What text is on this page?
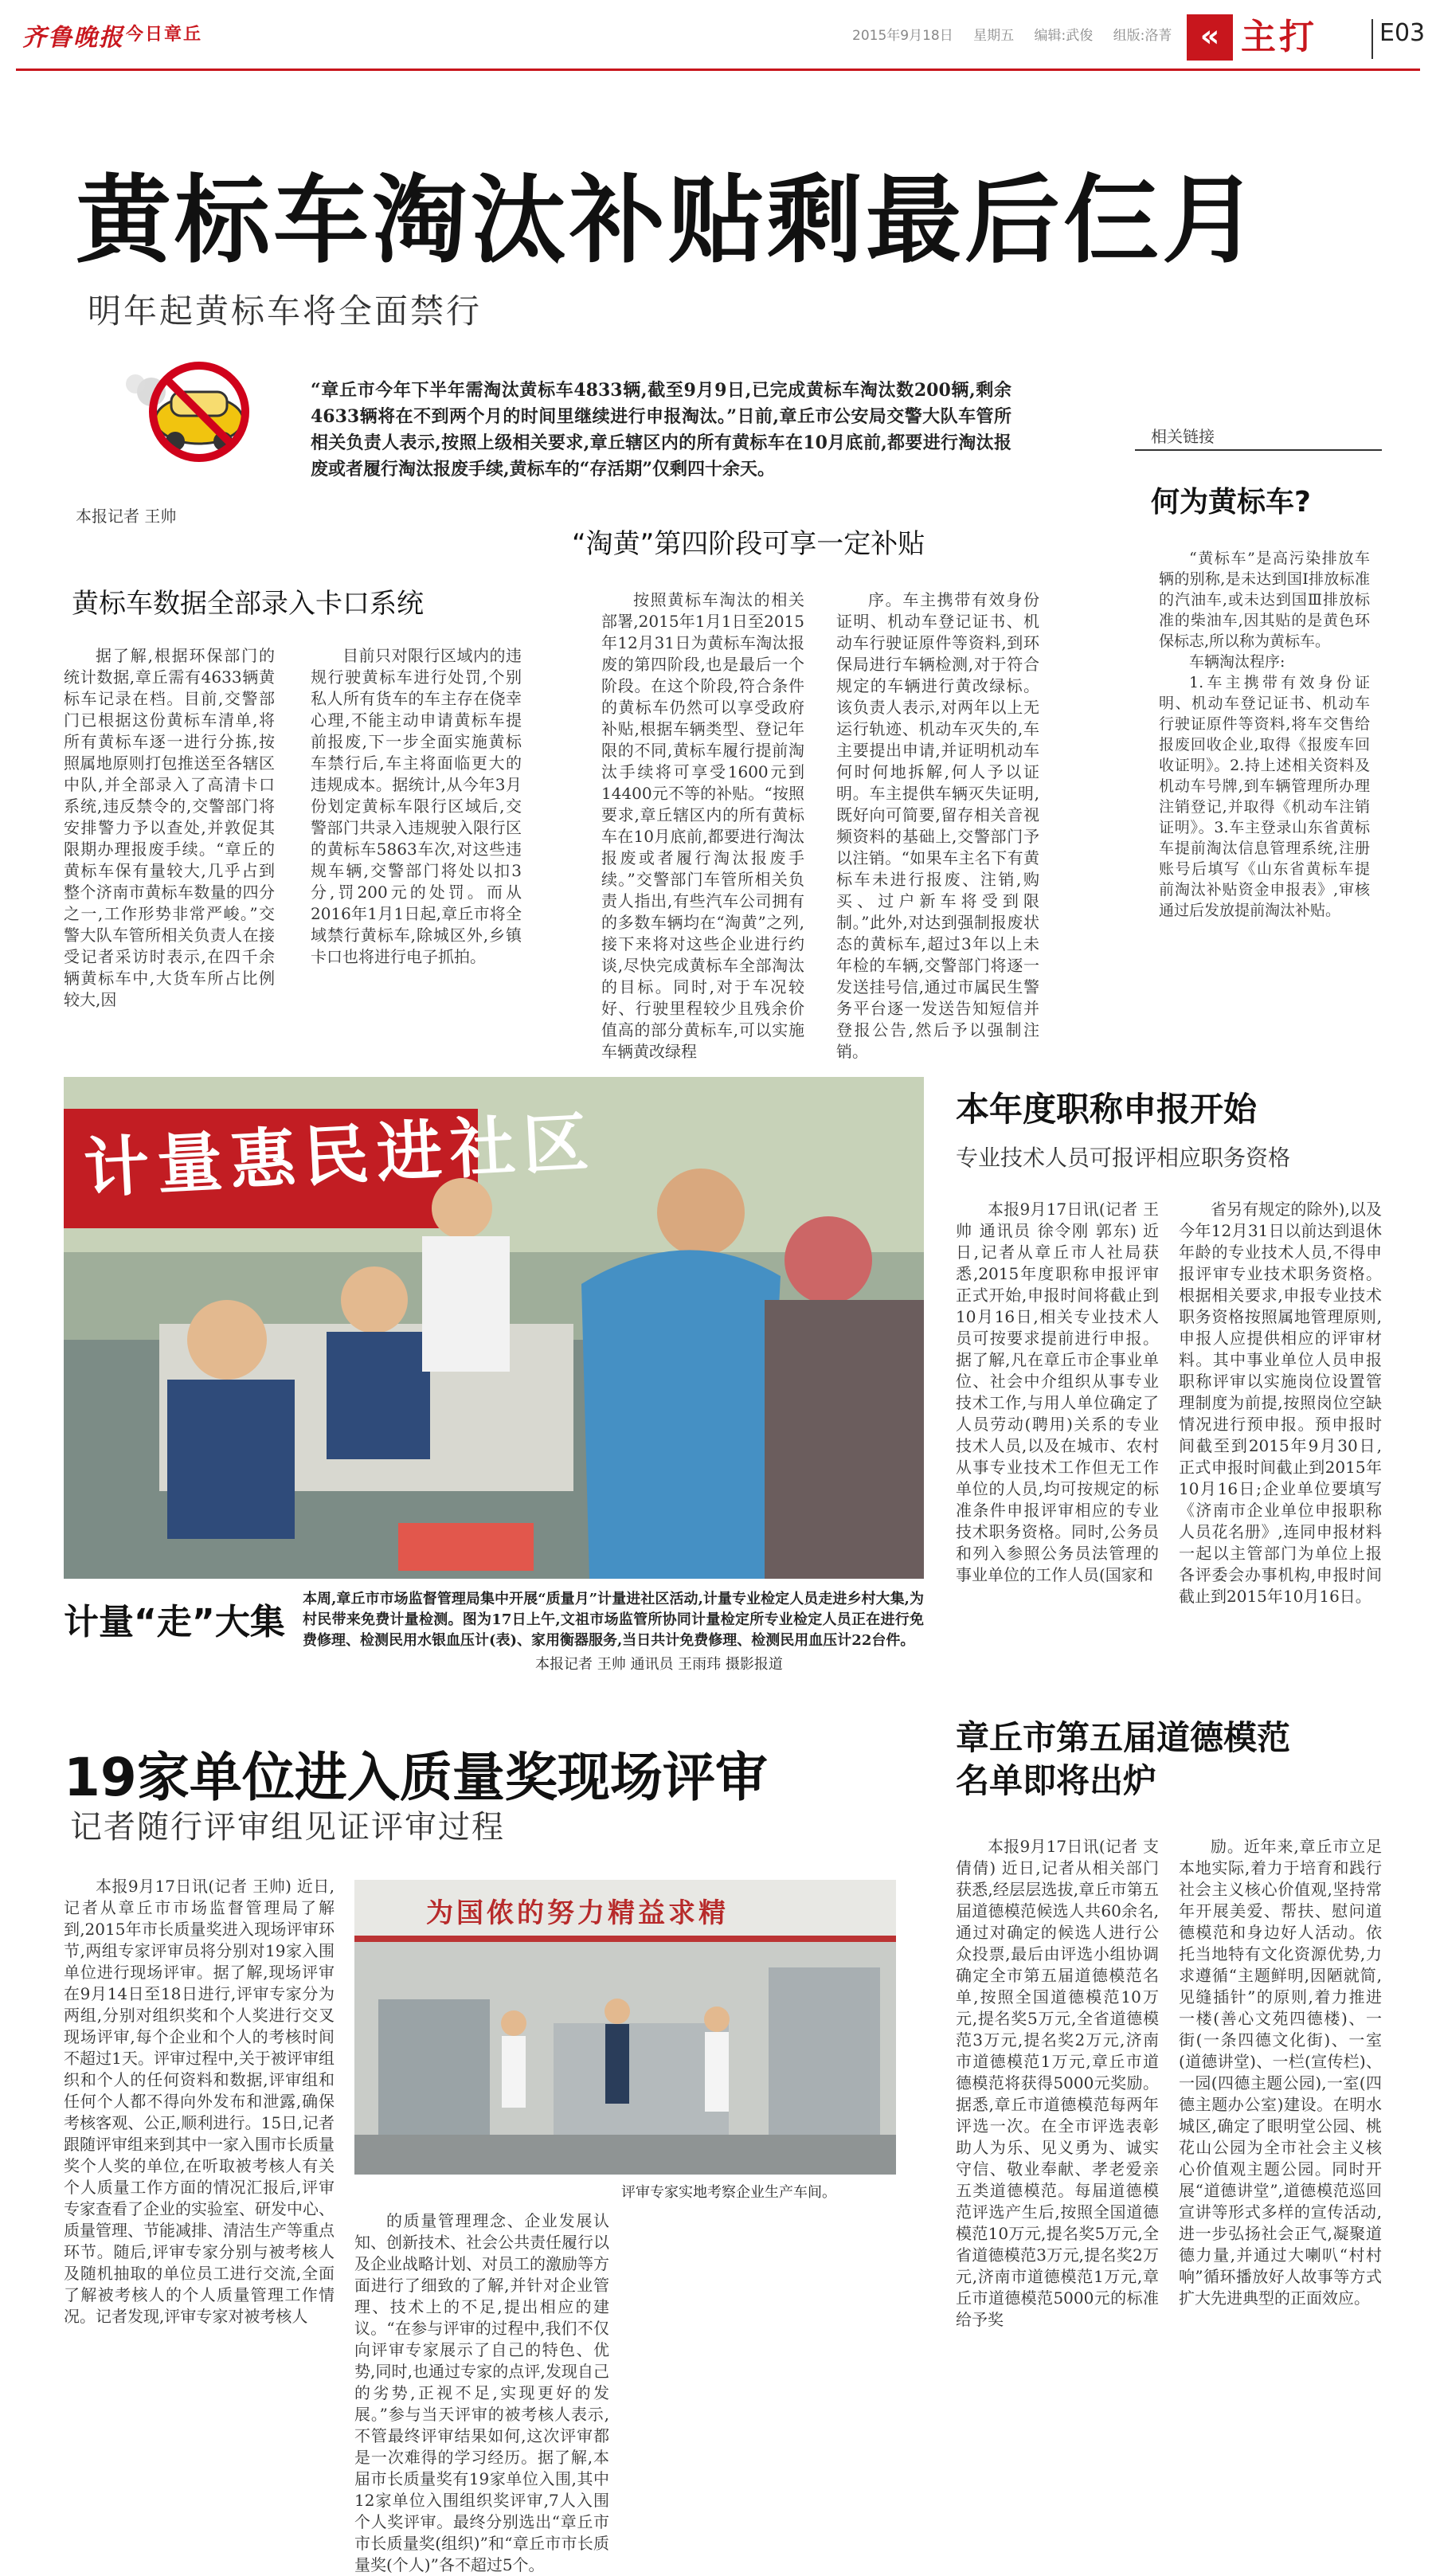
齐鲁晚报 今日章丘	2015年9月18日 星期五 编辑:武俊 组版:洛菁 « 主打	E03
黄标车淘汰补贴剩最后仨月
明年起黄标车将全面禁行
“章丘市今年下半年需淘汰黄标车4833辆,截至9月9日,已完成黄标车淘汰数200辆,剩余4633辆将在不到两个月的时间里继续进行申报淘汰。”日前,章丘市公安局交警大队车管所相关负责人表示,按照上级相关要求,章丘辖区内的所有黄标车在10月底前,都要进行淘汰报废或者履行淘汰报废手续,黄标车的“存活期”仅剩四十余天。
本报记者 王帅
黄标车数据全部录入卡口系统
“淘黄”第四阶段可享一定补贴

据了解,根据环保部门的统计数据,章丘需有4633辆黄标车记录在档。目前,交警部门已根据这份黄标车清单,将所有黄标车逐一进行分拣,按照属地原则打包推送至各辖区中队,并全部录入了高清卡口系统,违反禁令的,交警部门将安排警力予以查处,并敦促其限期办理报废手续。“章丘的黄标车保有量较大,几乎占到整个济南市黄标车数量的四分之一,工作形势非常严峻。”交警大队车管所相关负责人在接受记者采访时表示,在四千余辆黄标车中,大货车所占比例较大,因

目前只对限行区域内的违规行驶黄标车进行处罚,个别私人所有货车的车主存在侥幸心理,不能主动申请黄标车提前报废,下一步全面实施黄标车禁行后,车主将面临更大的违规成本。据统计,从今年3月份划定黄标车限行区域后,交警部门共录入违规驶入限行区的黄标车5863车次,对这些违规车辆,交警部门将处以扣3分,罚200元的处罚。而从2016年1月1日起,章丘市将全域禁行黄标车,除城区外,乡镇卡口也将进行电子抓拍。

按照黄标车淘汰的相关部署,2015年1月1日至2015年12月31日为黄标车淘汰报废的第四阶段,也是最后一个阶段。在这个阶段,符合条件的黄标车仍然可以享受政府补贴,根据车辆类型、登记年限的不同,黄标车履行提前淘汰手续将可享受1600元到14400元不等的补贴。“按照要求,章丘辖区内的所有黄标车在10月底前,都要进行淘汰报废或者履行淘汰报废手续。”交警部门车管所相关负责人指出,有些汽车公司拥有的多数车辆均在“淘黄”之列,接下来将对这些企业进行约谈,尽快完成黄标车全部淘汰的目标。同时,对于车况较好、行驶里程较少且残余价值高的部分黄标车,可以实施车辆黄改绿程

序。车主携带有效身份证明、机动车登记证书、机动车行驶证原件等资料,到环保局进行车辆检测,对于符合规定的车辆进行黄改绿标。该负责人表示,对两年以上无运行轨迹、机动车灭失的,车主要提出申请,并证明机动车何时何地拆解,何人予以证明。车主提供车辆灭失证明,既好向可简要,留存相关音视频资料的基础上,交警部门予以注销。“如果车主名下有黄标车未进行报废、注销,购买、过户新车将受到限制。”此外,对达到强制报废状态的黄标车,超过3年以上未年检的车辆,交警部门将逐一发送挂号信,通过市属民生警务平台逐一发送告知短信并登报公告,然后予以强制注销。

相关链接
何为黄标车?

“黄标车”是高污染排放车辆的别称,是未达到国Ⅰ排放标准的汽油车,或未达到国Ⅲ排放标准的柴油车,因其贴的是黄色环保标志,所以称为黄标车。

车辆淘汰程序:

1.车主携带有效身份证明、机动车登记证书、机动车行驶证原件等资料,将车交售给报废回收企业,取得《报废车回收证明》。2.持上述相关资料及机动车号牌,到车辆管理所办理注销登记,并取得《机动车注销证明》。3.车主登录山东省黄标车提前淘汰信息管理系统,注册账号后填写《山东省黄标车提前淘汰补贴资金申报表》,审核通过后发放提前淘汰补贴。

计量惠民进社区
计量“走”大集
本周,章丘市市场监督管理局集中开展“质量月”计量进社区活动,计量专业检定人员走进乡村大集,为村民带来免费计量检测。图为17日上午,文祖市场监管所协同计量检定所专业检定人员正在进行免费修理、检测民用水银血压计(表)、家用衡器服务,当日共计免费修理、检测民用血压计22台件。
本报记者 王帅 通讯员 王雨玮 摄影报道
本年度职称申报开始
专业技术人员可报评相应职务资格

本报9月17日讯(记者 王帅 通讯员 徐令刚 郭东) 近日,记者从章丘市人社局获悉,2015年度职称申报评审正式开始,申报时间将截止到10月16日,相关专业技术人员可按要求提前进行申报。据了解,凡在章丘市企事业单位、社会中介组织从事专业技术工作,与用人单位确定了人员劳动(聘用)关系的专业技术人员,以及在城市、农村从事专业技术工作但无工作单位的人员,均可按规定的标准条件申报评审相应的专业技术职务资格。同时,公务员和列入参照公务员法管理的事业单位的工作人员(国家和

省另有规定的除外),以及今年12月31日以前达到退休年龄的专业技术人员,不得申报评审专业技术职务资格。根据相关要求,申报专业技术职务资格按照属地管理原则,申报人应提供相应的评审材料。其中事业单位人员申报职称评审以实施岗位设置管理制度为前提,按照岗位空缺情况进行预申报。预申报时间截至到2015年9月30日,正式申报时间截止到2015年10月16日;企业单位要填写《济南市企业单位申报职称人员花名册》,连同申报材料一起以主管部门为单位上报各评委会办事机构,申报时间截止到2015年10月16日。

19家单位进入质量奖现场评审
记者随行评审组见证评审过程

本报9月17日讯(记者 王帅) 近日,记者从章丘市市场监督管理局了解到,2015年市长质量奖进入现场评审环节,两组专家评审员将分别对19家入围单位进行现场评审。据了解,现场评审在9月14日至18日进行,评审专家分为两组,分别对组织奖和个人奖进行交叉现场评审,每个企业和个人的考核时间不超过1天。评审过程中,关于被评审组织和个人的任何资料和数据,评审组和任何个人都不得向外发布和泄露,确保考核客观、公正,顺利进行。15日,记者跟随评审组来到其中一家入围市长质量奖个人奖的单位,在听取被考核人有关个人质量工作方面的情况汇报后,评审专家查看了企业的实验室、研发中心、质量管理、节能减排、清洁生产等重点环节。随后,评审专家分别与被考核人及随机抽取的单位员工进行交流,全面了解被考核人的个人质量管理工作情况。记者发现,评审专家对被考核人

为国侬的努力精益求精
评审专家实地考察企业生产车间。

的质量管理理念、企业发展认知、创新技术、社会公共责任履行以及企业战略计划、对员工的激励等方面进行了细致的了解,并针对企业管理、技术上的不足,提出相应的建议。“在参与评审的过程中,我们不仅向评审专家展示了自己的特色、优势,同时,也通过专家的点评,发现自己的劣势,正视不足,实现更好的发展。”参与当天评审的被考核人表示,不管最终评审结果如何,这次评审都是一次难得的学习经历。据了解,本届市长质量奖有19家单位入围,其中12家单位入围组织奖评审,7人入围个人奖评审。最终分别选出“章丘市市长质量奖(组织)”和“章丘市市长质量奖(个人)”各不超过5个。

章丘市第五届道德模范
名单即将出炉

本报9月17日讯(记者 支倩倩) 近日,记者从相关部门获悉,经层层选拔,章丘市第五届道德模范候选人共60余名,通过对确定的候选人进行公众投票,最后由评选小组协调确定全市第五届道德模范名单,按照全国道德模范10万元,提名奖5万元,全省道德模范3万元,提名奖2万元,济南市道德模范1万元,章丘市道德模范将获得5000元奖励。据悉,章丘市道德模范每两年评选一次。在全市评选表彰助人为乐、见义勇为、诚实守信、敬业奉献、孝老爱亲五类道德模范。每届道德模范评选产生后,按照全国道德模范10万元,提名奖5万元,全省道德模范3万元,提名奖2万元,济南市道德模范1万元,章丘市道德模范5000元的标准给予奖

励。近年来,章丘市立足本地实际,着力于培育和践行社会主义核心价值观,坚持常年开展美爱、帮扶、慰问道德模范和身边好人活动。依托当地特有文化资源优势,力求遵循“主题鲜明,因陋就简,见缝插针”的原则,着力推进一楼(善心文苑四德楼)、一街(一条四德文化街)、一室(道德讲堂)、一栏(宣传栏)、一园(四德主题公园),一室(四德主题办公室)建设。在明水城区,确定了眼明堂公园、桃花山公园为全市社会主义核心价值观主题公园。同时开展“道德讲堂”,道德模范巡回宣讲等形式多样的宣传活动,进一步弘扬社会正气,凝聚道德力量,并通过大喇叭“村村响”循环播放好人故事等方式扩大先进典型的正面效应。
